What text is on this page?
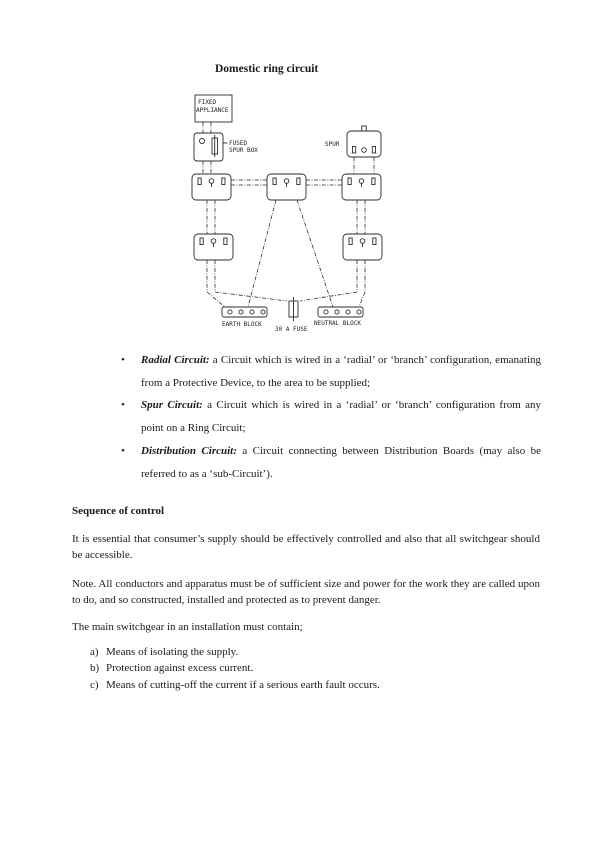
Domestic ring circuit
FIXED
APPLIANCE
FUSED
SPUR BOX
SPUR
EARTH BLOCK
30 A FUSE
NEUTRAL BLOCK
• Radial Circuit: a Circuit which is wired in a ‘radial’ or ‘branch’ configuration, emanating from a Protective Device, to the area to be supplied;

• Spur Circuit: a Circuit which is wired in a ‘radial’ or ‘branch’ configuration from any point on a Ring Circuit;

• Distribution Circuit: a Circuit connecting between Distribution Boards (may also be referred to as a ‘sub-Circuit’).

Sequence of control

It is essential that consumer’s supply should be effectively controlled and also that all switchgear should be accessible.

Note. All conductors and apparatus must be of sufficient size and power for the work they are called upon to do, and so constructed, installed and protected as to prevent danger.

The main switchgear in an installation must contain;

a) Means of isolating the supply.
b) Protection against excess current.
c) Means of cutting-off the current if a serious earth fault occurs.
